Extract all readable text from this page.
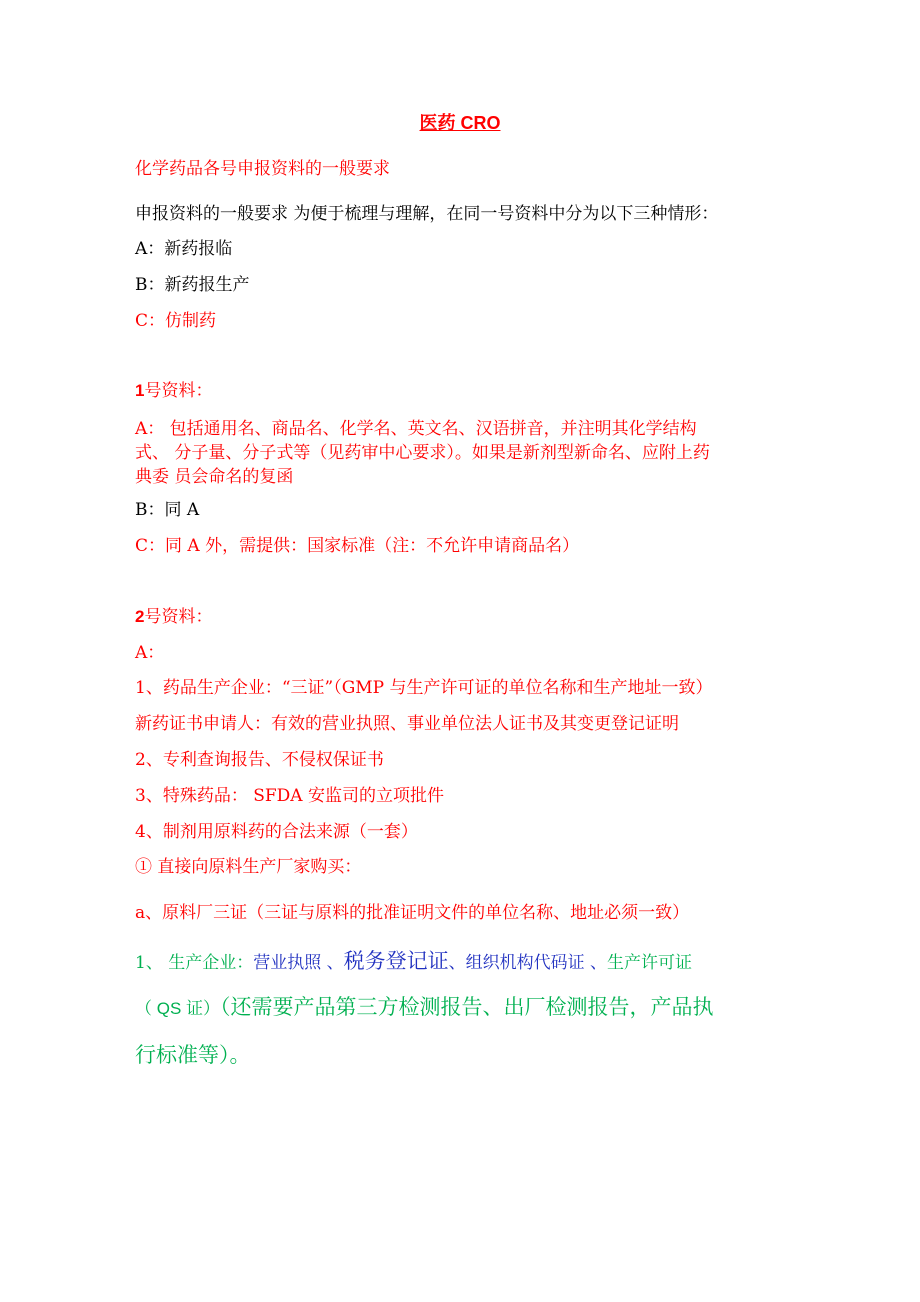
医药 CRO
化学药品各号申报资料的一般要求
申报资料的一般要求 为便于梳理与理解，在同一号资料中分为以下三种情形：
A：新药报临
B：新药报生产
C：仿制药
1号资料：
A： 包括通用名、商品名、化学名、英文名、汉语拼音，并注明其化学结构
式、 分子量、分子式等（见药审中心要求）。如果是新剂型新命名、应附上药
典委 员会命名的复函
B：同 A
C：同 A 外，需提供：国家标准（注：不允许申请商品名）
2号资料：
A：
1、药品生产企业：“三证”（GMP 与生产许可证的单位名称和生产地址一致）
新药证书申请人：有效的营业执照、事业单位法人证书及其变更登记证明
2、专利查询报告、不侵权保证书
3、特殊药品： SFDA 安监司的立项批件
4、制剂用原料药的合法来源（一套）
① 直接向原料生产厂家购买：
a、原料厂三证（三证与原料的批准证明文件的单位名称、地址必须一致）
1、 生产企业：营业执照 、税务登记证、组织机构代码证 、生产许可证
（ QS 证）（还需要产品第三方检测报告、出厂检测报告，产品执
行标准等）。
